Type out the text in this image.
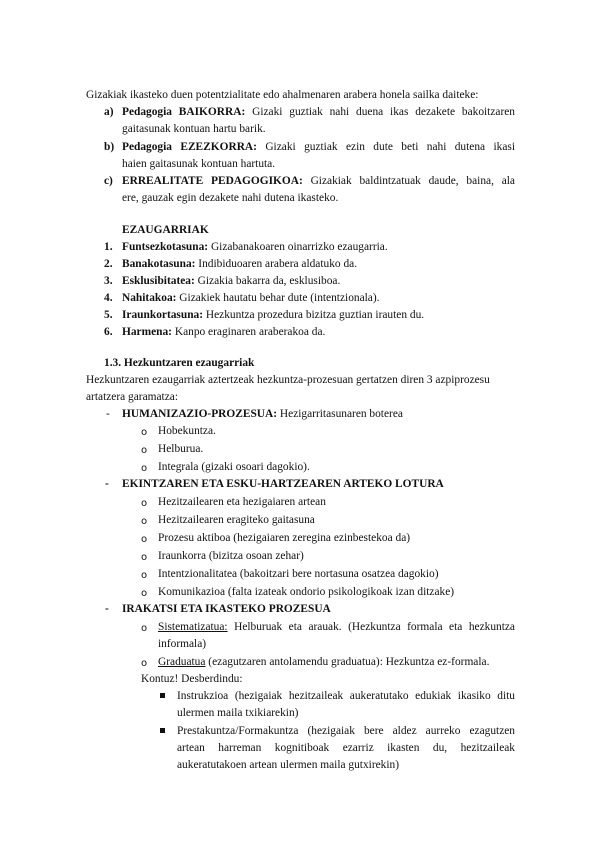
Gizakiak ikasteko duen potentzialitate edo ahalmenaren arabera honela sailka daiteke:
a) Pedagogia BAIKORRA: Gizaki guztiak nahi duena ikas dezakete bakoitzaren
gaitasunak kontuan hartu barik.
b) Pedagogia EZEZKORRA: Gizaki guztiak ezin dute beti nahi dutena ikasi
haien gaitasunak kontuan hartuta.
c) ERREALITATE PEDAGOGIKOA: Gizakiak baldintzatuak daude, baina, ala
ere, gauzak egin dezakete nahi dutena ikasteko.
EZAUGARRIAK
1. Funtsezkotasuna: Gizabanakoaren oinarrizko ezaugarria.
2. Banakotasuna: Indibiduoaren arabera aldatuko da.
3. Esklusibitatea: Gizakia bakarra da, esklusiboa.
4. Nahitakoa: Gizakiek hautatu behar dute (intentzionala).
5. Iraunkortasuna: Hezkuntza prozedura bizitza guztian irauten du.
6. Harmena: Kanpo eraginaren araberakoa da.
1.3. Hezkuntzaren ezaugarriak
Hezkuntzaren ezaugarriak aztertzeak hezkuntza-prozesuan gertatzen diren 3 azpiprozesu
artatzera garamatza:
- HUMANIZAZIO-PROZESUA: Hezigarritasunaren boterea
o Hobekuntza.
o Helburua.
o Integrala (gizaki osoari dagokio).
- EKINTZAREN ETA ESKU-HARTZEAREN ARTEKO LOTURA
o Hezitzailearen eta hezigaiaren artean
o Hezitzailearen eragiteko gaitasuna
o Prozesu aktiboa (hezigaiaren zeregina ezinbestekoa da)
o Iraunkorra (bizitza osoan zehar)
o Intentzionalitatea (bakoitzari bere nortasuna osatzea dagokio)
o Komunikazioa (falta izateak ondorio psikologikoak izan ditzake)
- IRAKATSI ETA IKASTEKO PROZESUA
o Sistematizatua: Helburuak eta arauak. (Hezkuntza formala eta hezkuntza
informala)
o Graduatua (ezagutzaren antolamendu graduatua): Hezkuntza ez-formala.
Kontuz! Desberdindu:
Instrukzioa (hezigaiak hezitzaileak aukeratutako edukiak ikasiko ditu
ulermen maila txikiarekin)
Prestakuntza/Formakuntza (hezigaiak bere aldez aurreko ezagutzen
artean harreman kognitiboak ezarriz ikasten du, hezitzaileak
aukeratutakoen artean ulermen maila gutxirekin)
